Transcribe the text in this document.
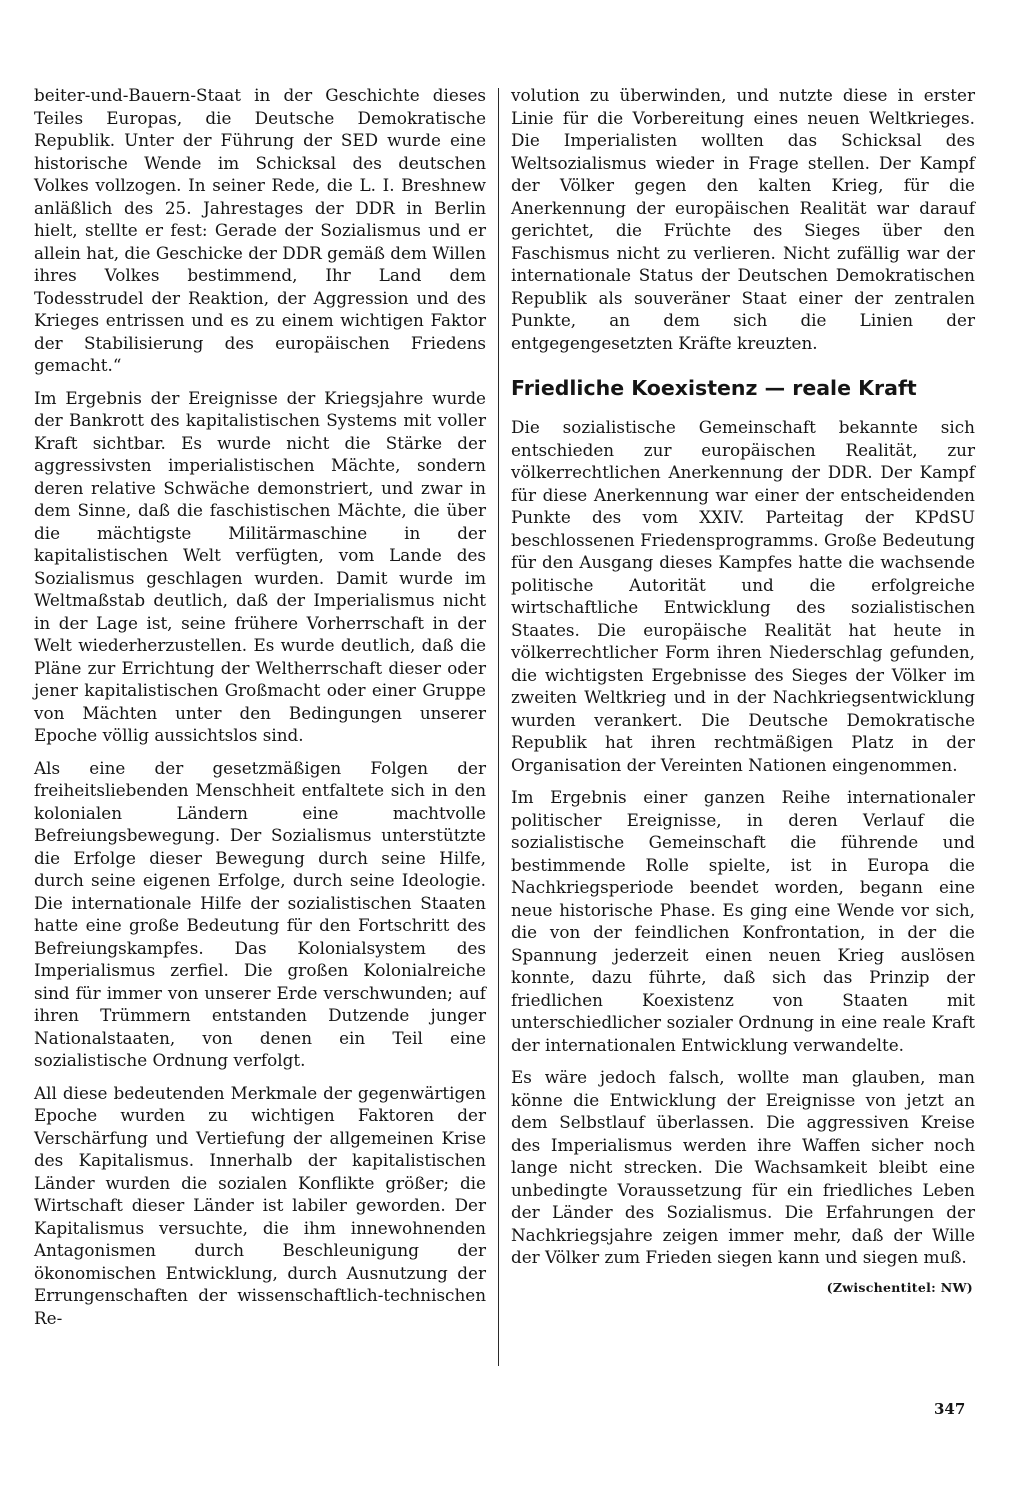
beiter-und-Bauern-Staat in der Geschichte dieses Teiles Europas, die Deutsche Demokratische Republik. Unter der Führung der SED wurde eine historische Wende im Schicksal des deutschen Volkes vollzogen. In seiner Rede, die L. I. Breshnew anläßlich des 25. Jahrestages der DDR in Berlin hielt, stellte er fest: Gerade der Sozialismus und er allein hat, die Geschicke der DDR gemäß dem Willen ihres Volkes bestimmend, Ihr Land dem Todesstrudel der Reaktion, der Aggression und des Krieges entrissen und es zu einem wichtigen Faktor der Stabilisierung des europäischen Friedens gemacht.“

Im Ergebnis der Ereignisse der Kriegsjahre wurde der Bankrott des kapitalistischen Systems mit voller Kraft sichtbar. Es wurde nicht die Stärke der aggressivsten imperialistischen Mächte, sondern deren relative Schwäche demonstriert, und zwar in dem Sinne, daß die faschistischen Mächte, die über die mächtigste Militärmaschine in der kapitalistischen Welt verfügten, vom Lande des Sozialismus geschlagen wurden. Damit wurde im Weltmaßstab deutlich, daß der Imperialismus nicht in der Lage ist, seine frühere Vorherrschaft in der Welt wiederherzustellen. Es wurde deutlich, daß die Pläne zur Errichtung der Weltherrschaft dieser oder jener kapitalistischen Großmacht oder einer Gruppe von Mächten unter den Bedingungen unserer Epoche völlig aussichtslos sind.

Als eine der gesetzmäßigen Folgen der freiheitsliebenden Menschheit entfaltete sich in den kolonialen Ländern eine machtvolle Befreiungsbewegung. Der Sozialismus unterstützte die Erfolge dieser Bewegung durch seine Hilfe, durch seine eigenen Erfolge, durch seine Ideologie. Die internationale Hilfe der sozialistischen Staaten hatte eine große Bedeutung für den Fortschritt des Befreiungskampfes. Das Kolonialsystem des Imperialismus zerfiel. Die großen Kolonialreiche sind für immer von unserer Erde verschwunden; auf ihren Trümmern entstanden Dutzende junger Nationalstaaten, von denen ein Teil eine sozialistische Ordnung verfolgt.

All diese bedeutenden Merkmale der gegenwärtigen Epoche wurden zu wichtigen Faktoren der Verschärfung und Vertiefung der allgemeinen Krise des Kapitalismus. Innerhalb der kapitalistischen Länder wurden die sozialen Konflikte größer; die Wirtschaft dieser Länder ist labiler geworden. Der Kapitalismus versuchte, die ihm innewohnenden Antagonismen durch Beschleunigung der ökonomischen Entwicklung, durch Ausnutzung der Errungenschaften der wissenschaftlich-technischen Re-

volution zu überwinden, und nutzte diese in erster Linie für die Vorbereitung eines neuen Weltkrieges. Die Imperialisten wollten das Schicksal des Weltsozialismus wieder in Frage stellen. Der Kampf der Völker gegen den kalten Krieg, für die Anerkennung der europäischen Realität war darauf gerichtet, die Früchte des Sieges über den Faschismus nicht zu verlieren. Nicht zufällig war der internationale Status der Deutschen Demokratischen Republik als souveräner Staat einer der zentralen Punkte, an dem sich die Linien der entgegengesetzten Kräfte kreuzten.

Friedliche Koexistenz — reale Kraft

Die sozialistische Gemeinschaft bekannte sich entschieden zur europäischen Realität, zur völkerrechtlichen Anerkennung der DDR. Der Kampf für diese Anerkennung war einer der entscheidenden Punkte des vom XXIV. Parteitag der KPdSU beschlossenen Friedensprogramms. Große Bedeutung für den Ausgang dieses Kampfes hatte die wachsende politische Autorität und die erfolgreiche wirtschaftliche Entwicklung des sozialistischen Staates. Die europäische Realität hat heute in völkerrechtlicher Form ihren Niederschlag gefunden, die wichtigsten Ergebnisse des Sieges der Völker im zweiten Weltkrieg und in der Nachkriegsentwicklung wurden verankert. Die Deutsche Demokratische Republik hat ihren rechtmäßigen Platz in der Organisation der Vereinten Nationen eingenommen.

Im Ergebnis einer ganzen Reihe internationaler politischer Ereignisse, in deren Verlauf die sozialistische Gemeinschaft die führende und bestimmende Rolle spielte, ist in Europa die Nachkriegsperiode beendet worden, begann eine neue historische Phase. Es ging eine Wende vor sich, die von der feindlichen Konfrontation, in der die Spannung jederzeit einen neuen Krieg auslösen konnte, dazu führte, daß sich das Prinzip der friedlichen Koexistenz von Staaten mit unterschiedlicher sozialer Ordnung in eine reale Kraft der internationalen Entwicklung verwandelte.

Es wäre jedoch falsch, wollte man glauben, man könne die Entwicklung der Ereignisse von jetzt an dem Selbstlauf überlassen. Die aggressiven Kreise des Imperialismus werden ihre Waffen sicher noch lange nicht strecken. Die Wachsamkeit bleibt eine unbedingte Voraussetzung für ein friedliches Leben der Länder des Sozialismus. Die Erfahrungen der Nachkriegsjahre zeigen immer mehr, daß der Wille der Völker zum Frieden siegen kann und siegen muß.

(Zwischentitel: NW)
347
